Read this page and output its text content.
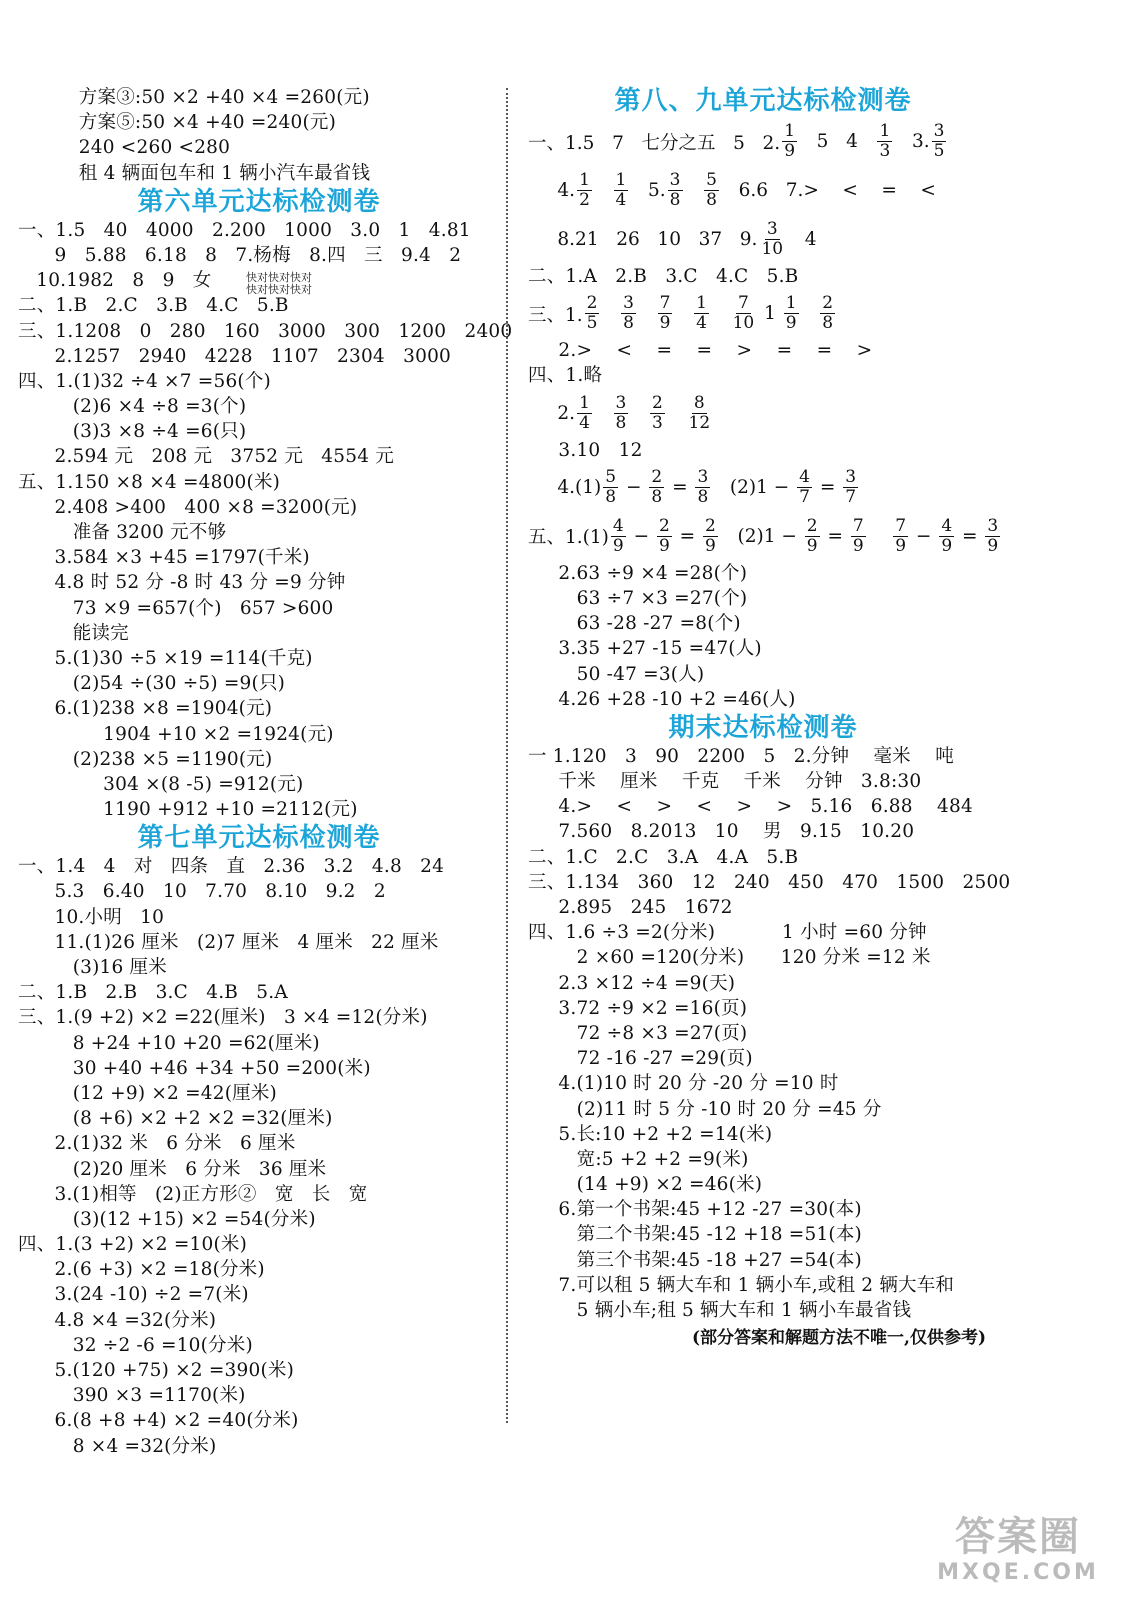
方案③:50 ×2 +40 ×4 =260(元)
方案⑤:50 ×4 +40 =240(元)
240 <260 <280
租 4 辆面包车和 1 辆小汽车最省钱
第六单元达标检测卷
一、1.5   40   4000   2.200   1000   3.0   1   4.81
9   5.88   6.18   8   7.杨梅   8.四   三   9.4   2
10.1982   8   9   女
二、1.B   2.C   3.B   4.C   5.B
三、1.1208   0   280   160   3000   300   1200   2400
2.1257   2940   4228   1107   2304   3000
四、1.(1)32 ÷4 ×7 =56(个)
(2)6 ×4 ÷8 =3(个)
(3)3 ×8 ÷4 =6(只)
2.594 元   208 元   3752 元   4554 元
五、1.150 ×8 ×4 =4800(米)
2.408 >400   400 ×8 =3200(元)
准备 3200 元不够
3.584 ×3 +45 =1797(千米)
4.8 时 52 分 -8 时 43 分 =9 分钟
73 ×9 =657(个)   657 >600
能读完
5.(1)30 ÷5 ×19 =114(千克)
(2)54 ÷(30 ÷5) =9(只)
6.(1)238 ×8 =1904(元)
1904 +10 ×2 =1924(元)
(2)238 ×5 =1190(元)
304 ×(8 -5) =912(元)
1190 +912 +10 =2112(元)
快对快对快对
快对快对快对
第七单元达标检测卷
一、1.4   4   对   四条   直   2.36   3.2   4.8   24
5.3   6.40   10   7.70   8.10   9.2   2
10.小明   10
11.(1)26 厘米   (2)7 厘米   4 厘米   22 厘米
(3)16 厘米
二、1.B   2.B   3.C   4.B   5.A
三、1.(9 +2) ×2 =22(厘米)   3 ×4 =12(分米)
8 +24 +10 +20 =62(厘米)
30 +40 +46 +34 +50 =200(米)
(12 +9) ×2 =42(厘米)
(8 +6) ×2 +2 ×2 =32(厘米)
2.(1)32 米   6 分米   6 厘米
(2)20 厘米   6 分米   36 厘米
3.(1)相等   (2)正方形②   宽   长   宽
(3)(12 +15) ×2 =54(分米)
四、1.(3 +2) ×2 =10(米)
2.(6 +3) ×2 =18(分米)
3.(24 -10) ÷2 =7(米)
4.8 ×4 =32(分米)
32 ÷2 -6 =10(分米)
5.(120 +75) ×2 =390(米)
390 ×3 =1170(米)
6.(8 +8 +4) ×2 =40(分米)
8 ×4 =32(分米)
第八、九单元达标检测卷
一、1.5   7   七分之五   5   2. $\frac{1}{9} 5$   $4 \frac{1}{3} 3$. $\frac{3}{5}$
4. $\frac{1}{2}$
$\frac{1}{4} 5$. $\frac{3}{8}$
$\frac{5}{8} 6.6$   7.>    <    =    <
8.21   26   10   37   9. $\frac{3}{10} 4$
二、1.A   2.B   3.C   4.C   5.B
三、1. $\frac{2}{5}$
$\frac{3}{8}$
$\frac{7}{9}$
$\frac{1}{4}$
$\frac{7}{10} 1 \frac{1}{9}$
$\frac{2}{8}$
2.>    <    =    =    >    =    =    >
四、1.略
2. $\frac{1}{4}$
$\frac{3}{8}$
$\frac{2}{3}$
$\frac{8}{12}$
3.10   12
$4.(1) \frac{5}{8} - \frac{2}{8} = \frac{3}{8} (2)1 - \frac{4}{7} = \frac{3}{7}$
五、$1.(1) \frac{4}{9} - \frac{2}{9} = \frac{2}{9} (2)1 - \frac{2}{9} = \frac{7}{9}$
$\frac{7}{9} - \frac{4}{9} = \frac{3}{9}$
2.63 ÷9 ×4 =28(个)
63 ÷7 ×3 =27(个)
63 -28 -27 =8(个)
3.35 +27 -15 =47(人)
50 -47 =3(人)
4.26 +28 -10 +2 =46(人)
期末达标检测卷
一 1.120   3   90   2200   5   2.分钟    毫米    吨
千米    厘米    千克    千米    分钟   3.8:30
4.>    <    >    <    >    >   5.16   6.88    484
7.560   8.2013   10    男   9.15   10.20
二、1.C   2.C   3.A   4.A   5.B
三、1.134   360   12   240   450   470   1500   2500
2.895   245   1672
四、1.6 ÷3 =2(分米)           1 小时 =60 分钟
2 ×60 =120(分米)      120 分米 =12 米
2.3 ×12 ÷4 =9(天)
3.72 ÷9 ×2 =16(页)
72 ÷8 ×3 =27(页)
72 -16 -27 =29(页)
4.(1)10 时 20 分 -20 分 =10 时
(2)11 时 5 分 -10 时 20 分 =45 分
5.长:10 +2 +2 =14(米)
宽:5 +2 +2 =9(米)
(14 +9) ×2 =46(米)
6.第一个书架:45 +12 -27 =30(本)
第二个书架:45 -12 +18 =51(本)
第三个书架:45 -18 +27 =54(本)
7.可以租 5 辆大车和 1 辆小车,或租 2 辆大车和
5 辆小车;租 5 辆大车和 1 辆小车最省钱
(部分答案和解题方法不唯一,仅供参考)
答案圈
MXQE.COM
